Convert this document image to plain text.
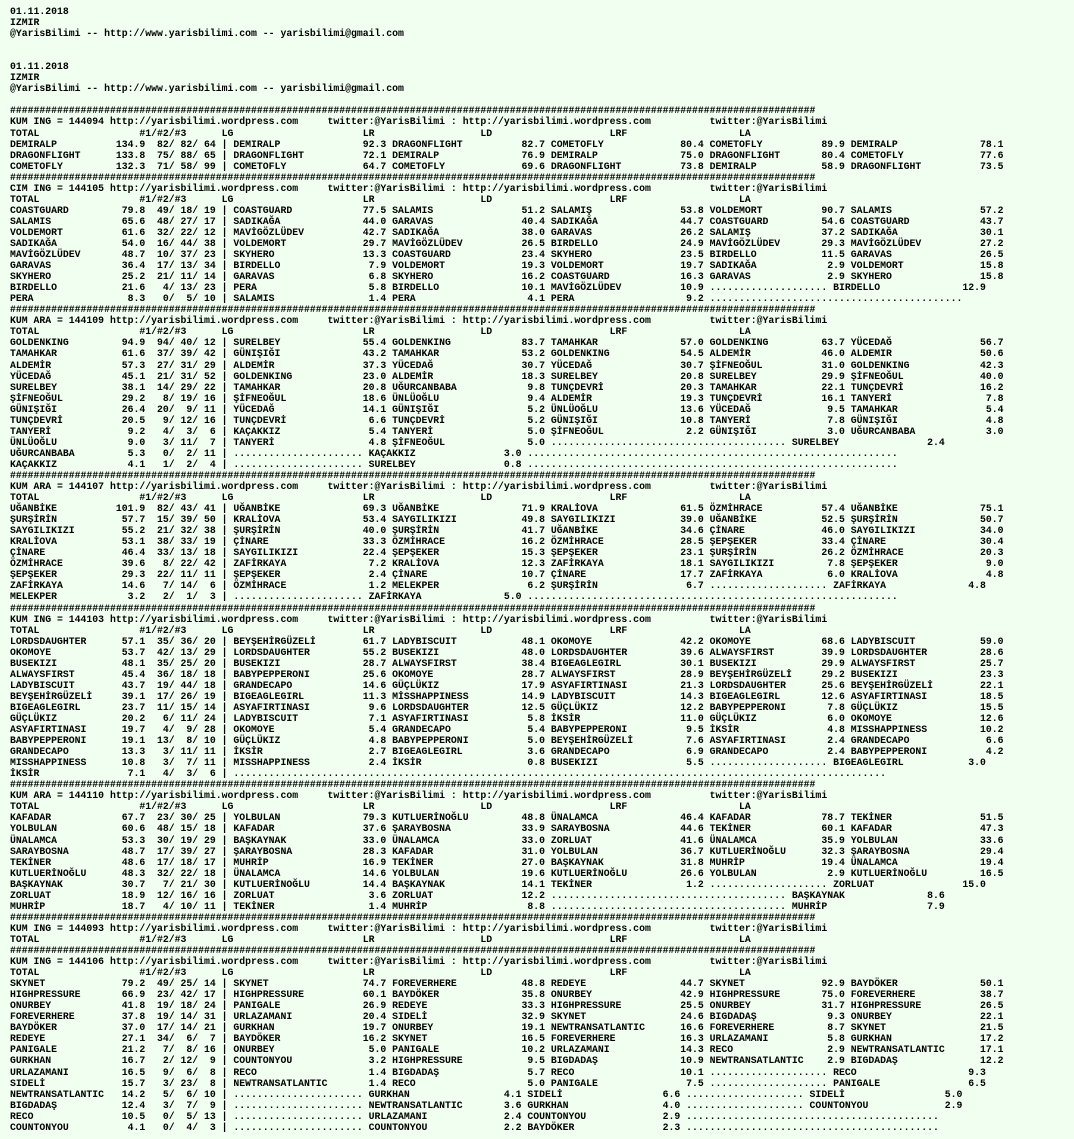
01.11.2018
IZMIR
@YarisBilimi -- http://www.yarisbilimi.com -- yarisbilimi@gmail.com

01.11.2018
IZMIR
@YarisBilimi -- http://www.yarisbilimi.com -- yarisbilimi@gmail.com

#########################################################################################################################################
KUM ING = 144094 http://yarisbilimi.wordpress.com     twitter:@YarisBilimi : http://yarisbilimi.wordpress.com          twitter:@YarisBilimi
TOTAL                 #1/#2/#3      LG                      LR                  LD                    LRF                   LA
DEMIRALP          134.9  82/ 82/ 64 | DEMIRALP              92.3 DRAGONFLIGHT          82.7 COMETOFLY             80.4 COMETOFLY          89.9 DEMIRALP              78.1
DRAGONFLIGHT      133.8  75/ 88/ 65 | DRAGONFLIGHT          72.1 DEMIRALP              76.9 DEMIRALP              75.0 DRAGONFLIGHT       80.4 COMETOFLY             77.6
COMETOFLY         132.3  71/ 58/ 99 | COMETOFLY             64.7 COMETOFLY             69.6 DRAGONFLIGHT          73.8 DEMIRALP           58.9 DRAGONFLIGHT          73.5
#########################################################################################################################################
CIM ING = 144105 http://yarisbilimi.wordpress.com     twitter:@YarisBilimi : http://yarisbilimi.wordpress.com          twitter:@YarisBilimi
TOTAL                 #1/#2/#3      LG                      LR                  LD                    LRF                   LA
COASTGUARD         79.8  49/ 18/ 19 | COASTGUARD            77.5 SALAMIS               51.2 SALAMIŞ               53.8 VOLDEMORT          90.7 SALAMIS               57.2
SALAMIS            65.6  48/ 27/ 17 | SADIKAĞA              44.0 GARAVAS               40.4 SADIKAĞA              44.7 COASTGUARD         54.6 COASTGUARD            43.7
VOLDEMORT          61.6  32/ 22/ 12 | MAVİGÖZLÜDEV          42.7 SADIKAĞA              38.0 GARAVAS               26.2 SALAMIŞ            37.2 SADIKAĞA              30.1
SADIKAĞA           54.0  16/ 44/ 38 | VOLDEMORT             29.7 MAVİGÖZLÜDEV          26.5 BIRDELLO              24.9 MAVİGÖZLÜDEV       29.3 MAVİGÖZLÜDEV          27.2
MAVİGÖZLÜDEV       48.7  10/ 37/ 23 | SKYHERO               13.3 COASTGUARD            23.4 SKYHERO               23.5 BIRDELLO           11.5 GARAVAS               26.5
GARAVAS            36.4  17/ 13/ 34 | BIRDELLO               7.9 VOLDEMORT             19.3 VOLDEMORT             19.7 SADIKAĞA            2.9 VOLDEMORT             15.8
SKYHERO            25.2  21/ 11/ 14 | GARAVAS                6.8 SKYHERO               16.2 COASTGUARD            16.3 GARAVAS             2.9 SKYHERO               15.8
BIRDELLO           21.6   4/ 13/ 23 | PERA                   5.8 BIRDELLO              10.1 MAVİGÖZLÜDEV          10.9 .................... BIRDELLO              12.9
PERA                8.3   0/  5/ 10 | SALAMIS                1.4 PERA                   4.1 PERA                   9.2 ...........................................
#########################################################################################################################################
KUM ARA = 144109 http://yarisbilimi.wordpress.com     twitter:@YarisBilimi : http://yarisbilimi.wordpress.com          twitter:@YarisBilimi
TOTAL                 #1/#2/#3      LG                      LR                  LD                    LRF                   LA
GOLDENKING         94.9  94/ 40/ 12 | SURELBEY              55.4 GOLDENKING            83.7 TAMAHKAR              57.0 GOLDENKING         63.7 YÜCEDAĞ               56.7
TAMAHKAR           61.6  37/ 39/ 42 | GÜNIŞIĞI              43.2 TAMAHKAR              53.2 GOLDENKING            54.5 ALDEMİR            46.0 ALDEMIR               50.6
ALDEMİR            57.3  27/ 31/ 29 | ALDEMİR               37.3 YÜCEDAĞ               30.7 YÜCEDAĞ               30.7 ŞİFNEOĞUL          31.0 GOLDENKING            42.3
YÜCEDAĞ            45.1  21/ 31/ 52 | GOLDENKING            23.0 ALDEMİR               18.3 SURELBEY              20.8 SURELBEY           29.9 ŞİFNEOĞUL             40.0
SURELBEY           38.1  14/ 29/ 22 | TAMAHKAR              20.8 UĞURCANBABA            9.8 TUNÇDEVRİ             20.3 TAMAHKAR           22.1 TUNÇDEVRİ             16.2
ŞİFNEOĞUL          29.2   8/ 19/ 16 | ŞİFNEOĞUL             18.6 ÜNLÜOĞLU               9.4 ALDEMİR               19.3 TUNÇDEVRİ          16.1 TANYERİ                7.8
GÜNIŞIĞI           26.4  20/  9/ 11 | YÜCEDAĞ               14.1 GÜNIŞIĞI               5.2 ÜNLÜOĞLU              13.6 YÜCEDAĞ             9.5 TAMAHKAR               5.4
TUNÇDEVRİ          20.5   9/ 12/ 16 | TUNÇDEVRİ              6.6 TUNÇDEVRİ              5.2 GÜNIŞIĞI              10.8 TANYERİ             7.8 GÜNIŞIĞI               4.8
TANYERİ             9.2   4/  3/  6 | KAÇAKKIZ               5.4 TANYERİ                5.0 ŞİFNEOĞUL              2.2 GÜNIŞIĞI            3.0 UĞURCANBABA            3.0
ÜNLÜOĞLU            9.0   3/ 11/  7 | TANYERİ                4.8 ŞİFNEOĞUL              5.0 ........................................ SURELBEY               2.4
UĞURCANBABA         5.3   0/  2/ 11 | ...................... KAÇAKKIZ               3.0 ...............................................................
KAÇAKKIZ            4.1   1/  2/  4 | ...................... SURELBEY               0.8 ...............................................................
#########################################################################################################################################
KUM ARA = 144107 http://yarisbilimi.wordpress.com     twitter:@YarisBilimi : http://yarisbilimi.wordpress.com          twitter:@YarisBilimi
TOTAL                 #1/#2/#3      LG                      LR                  LD                    LRF                   LA
UĞANBİKE          101.9  82/ 43/ 41 | UĞANBİKE              69.3 UĞANBİKE              71.9 KRALİOVA              61.5 ÖZMİHRACE          57.4 UĞANBİKE              75.1
ŞURŞİRİN           57.7  15/ 39/ 50 | KRALİOVA              53.4 SAYGILIKIZI           49.8 SAYGILIKIZI           39.0 UĞANBİKE           52.5 ŞURŞİRİN              50.7
SAYGILIKIZI        55.2  21/ 32/ 38 | ŞURŞİRİN              40.0 ŞURŞİRİN              41.7 UĞANBİKE              34.6 ÇİNARE             46.0 SAYGILIKIZI           34.0
KRALİOVA           53.1  38/ 33/ 19 | ÇİNARE                33.3 ÖZMİHRACE             16.2 ÖZMİHRACE             28.5 ŞEPŞEKER           33.4 ÇİNARE                30.4
ÇİNARE             46.4  33/ 13/ 18 | SAYGILIKIZI           22.4 ŞEPŞEKER              15.3 ŞEPŞEKER              23.1 ŞURŞİRİN           26.2 ÖZMİHRACE             20.3
ÖZMİHRACE          39.6   8/ 22/ 42 | ZAFİRKAYA              7.2 KRALİOVA              12.3 ZAFİRKAYA             18.1 SAYGILIKIZI         7.8 ŞEPŞEKER               9.0
ŞEPŞEKER           29.3  22/ 11/ 11 | ŞEPŞEKER               2.4 ÇİNARE                10.7 ÇİNARE                17.7 ZAFİRKAYA           6.0 KRALİOVA               4.8
ZAFİRKAYA          14.6   7/ 14/  6 | ÖZMİHRACE              1.2 MELEKPER               6.2 ŞURŞİRİN               6.7 .................... ZAFİRKAYA              4.8
MELEKPER            3.2   2/  1/  3 | ...................... ZAFİRKAYA              5.0 ...............................................................
#########################################################################################################################################
KUM ING = 144103 http://yarisbilimi.wordpress.com     twitter:@YarisBilimi : http://yarisbilimi.wordpress.com          twitter:@YarisBilimi
TOTAL                 #1/#2/#3      LG                      LR                  LD                    LRF                   LA
LORDSDAUGHTER      57.1  35/ 36/ 20 | BEYŞEHİRGÜZELİ        61.7 LADYBISCUIT           48.1 OKOMOYE               42.2 OKOMOYE            68.6 LADYBISCUIT           59.0
OKOMOYE            53.7  42/ 13/ 29 | LORDSDAUGHTER         55.2 BUSEKIZI              48.0 LORDSDAUGHTER         39.6 ALWAYSFIRST        39.9 LORDSDAUGHTER         28.6
BUSEKIZI           48.1  35/ 25/ 20 | BUSEKIZI              28.7 ALWAYSFIRST           38.4 BIGEAGLEGIRL          30.1 BUSEKIZI           29.9 ALWAYSFIRST           25.7
ALWAYSFIRST        45.4  36/ 18/ 18 | BABYPEPPERONI         25.6 OKOMOYE               28.7 ALWAYSFIRST           28.9 BEYŞEHİRGÜZELİ     29.2 BUSEKIZI              23.3
LADYBISCUIT        43.7  19/ 44/ 18 | GRANDECAPO            14.6 GÜÇLÜKIZ              17.9 ASYAFIRTINASI         21.3 LORDSDAUGHTER      25.6 BEYŞEHİRGÜZELİ        22.1
BEYŞEHİRGÜZELİ     39.1  17/ 26/ 19 | BIGEAGLEGIRL          11.3 MİSSHAPPINESS         14.9 LADYBISCUIT           14.3 BIGEAGLEGIRL       12.6 ASYAFIRTINASI         18.5
BIGEAGLEGIRL       23.7  11/ 15/ 14 | ASYAFIRTINASI          9.6 LORDSDAUGHTER         12.5 GÜÇLÜKIZ              12.2 BABYPEPPERONI       7.8 GÜÇLÜKIZ              15.5
GÜÇLÜKIZ           20.2   6/ 11/ 24 | LADYBISCUIT            7.1 ASYAFIRTINASI          5.8 İKSİR                 11.0 GÜÇLÜKIZ            6.0 OKOMOYE               12.6
ASYAFIRTINASI      19.7   4/  9/ 28 | OKOMOYE                5.4 GRANDECAPO             5.4 BABYPEPPERONI          9.5 İKSİR               4.8 MISSHAPPINESS         10.2
BABYPEPPERONI      19.1  13/  8/ 10 | GÜÇLÜKIZ               4.8 BABYPEPPERONI          5.0 BEYŞEHİRGÜZELİ         7.6 ASYAFIRTINASI       2.4 GRANDECAPO             6.6
GRANDECAPO         13.3   3/ 11/ 11 | İKSİR                  2.7 BIGEAGLEGIRL           3.6 GRANDECAPO             6.9 GRANDECAPO          2.4 BABYPEPPERONI          4.2
MISSHAPPINESS      10.8   3/  7/ 11 | MISSHAPPINESS          2.4 İKSİR                  0.8 BUSEKIZI               5.5 .................... BIGEAGLEGIRL           3.0
İKSİR               7.1   4/  3/  6 | ...............................................................................................................
#########################################################################################################################################
KUM ARA = 144110 http://yarisbilimi.wordpress.com     twitter:@YarisBilimi : http://yarisbilimi.wordpress.com          twitter:@YarisBilimi
TOTAL                 #1/#2/#3      LG                      LR                  LD                    LRF                   LA
KAFADAR            67.7  23/ 30/ 25 | YOLBULAN              79.3 KUTLUERİNOĞLU         48.8 ÜNALAMCA              46.4 KAFADAR            78.7 TEKİNER               51.5
YOLBULAN           60.6  48/ 15/ 18 | KAFADAR               37.6 ŞARAYBOSNA            33.9 SARAYBOSNA            44.6 TEKİNER            60.1 KAFADAR               47.3
ÜNALAMCA           53.3  30/ 19/ 29 | BAŞKAYNAK             33.0 ÜNALAMCA              33.0 ZORLUAT               41.6 ÜNALAMCA           35.9 YOLBULAN              33.6
SARAYBOSNA         48.7  17/ 39/ 27 | ŞARAYBOSNA            28.3 KAFADAR               31.0 YOLBULAN              36.7 KUTLUERİNOĞLU      32.3 ŞARAYBOSNA            29.4
TEKİNER            48.6  17/ 18/ 17 | MUHRİP                16.9 TEKİNER               27.0 BAŞKAYNAK             31.8 MUHRİP             19.4 ÜNALAMCA              19.4
KUTLUERİNOĞLU      48.3  32/ 22/ 18 | ÜNALAMCA              14.6 YOLBULAN              19.6 KUTLUERİNOĞLU         26.6 YOLBULAN            2.9 KUTLUERİNOĞLU         16.5
BAŞKAYNAK          30.7   7/ 21/ 30 | KUTLUERİNOĞLU         14.4 BAŞKAYNAK             14.1 TEKİNER                1.2 .................... ZORLUAT               15.0
ZORLUAT            18.9  12/ 16/ 16 | ZORLUAT                3.6 ZORLUAT               12.2 ........................................ BAŞKAYNAK              8.6
MUHRİP             18.7   4/ 10/ 11 | TEKİNER                1.4 MUHRİP                 8.8 ........................................ MUHRİP                 7.9
#########################################################################################################################################
KUM ING = 144093 http://yarisbilimi.wordpress.com     twitter:@YarisBilimi : http://yarisbilimi.wordpress.com          twitter:@YarisBilimi
TOTAL                 #1/#2/#3      LG                      LR                  LD                    LRF                   LA
#########################################################################################################################################
KUM ING = 144106 http://yarisbilimi.wordpress.com     twitter:@YarisBilimi : http://yarisbilimi.wordpress.com          twitter:@YarisBilimi
TOTAL                 #1/#2/#3      LG                      LR                  LD                    LRF                   LA
SKYNET             79.2  49/ 25/ 14 | SKYNET                74.7 FOREVERHERE           48.8 REDEYE                44.7 SKYNET             92.9 BAYDÖKER              50.1
HIGHPRESSURE       66.9  23/ 42/ 17 | HIGHPRESSURE          60.1 BAYDÖKER              35.8 ONURBEY               42.9 HIGHPRESSURE       75.0 FOREVERHERE           38.7
ONURBEY            41.8  19/ 18/ 24 | PANIGALE              26.9 REDEYE                33.3 HIGHPRESSURE          25.5 ONURBEY            31.7 HIGHPRESSURE          26.5
FOREVERHERE        37.8  19/ 14/ 31 | URLAZAMANI            20.4 SIDELİ                32.9 SKYNET                24.6 BIGDADAŞ            9.3 ONURBEY               22.1
BAYDÖKER           37.0  17/ 14/ 21 | GURKHAN               19.7 ONURBEY               19.1 NEWTRANSATLANTIC      16.6 FOREVERHERE         8.7 SKYNET                21.5
REDEYE             27.1  34/  6/  7 | BAYDÖKER              16.2 SKYNET                16.5 FOREVERHERE           16.3 URLAZAMANI          5.8 GURKHAN               17.2
PANIGALE           21.2   7/  8/ 16 | ONURBEY                5.0 PANIGALE              10.2 URLAZAMANI            14.3 RECO                2.9 NEWTRANSATLANTIC      17.1
GURKHAN            16.7   2/ 12/  9 | COUNTONYOU             3.2 HIGHPRESSURE           9.5 BIGDADAŞ              10.9 NEWTRANSATLANTIC    2.9 BIGDADAŞ              12.2
URLAZAMANI         16.5   9/  6/  8 | RECO                   1.4 BIGDADAŞ               5.7 RECO                  10.1 .................... RECO                   9.3
SIDELİ             15.7   3/ 23/  8 | NEWTRANSATLANTIC       1.4 RECO                   5.0 PANIGALE               7.5 .................... PANIGALE               6.5
NEWTRANSATLANTIC   14.2   5/  6/ 10 | ...................... GURKHAN                4.1 SIDELİ                 6.6 .................... SIDELİ                 5.0
BIGDADAŞ           12.4   3/  7/  9 | ...................... NEWTRANSATLANTIC       3.6 GURKHAN                4.0 .................... COUNTONYOU             2.9
RECO               10.5   0/  5/ 13 | ...................... URLAZAMANI             2.4 COUNTONYOU             2.9 ...........................................
COUNTONYOU          4.1   0/  4/  3 | ...................... COUNTONYOU             2.2 BAYDÖKER               2.3 ...........................................
